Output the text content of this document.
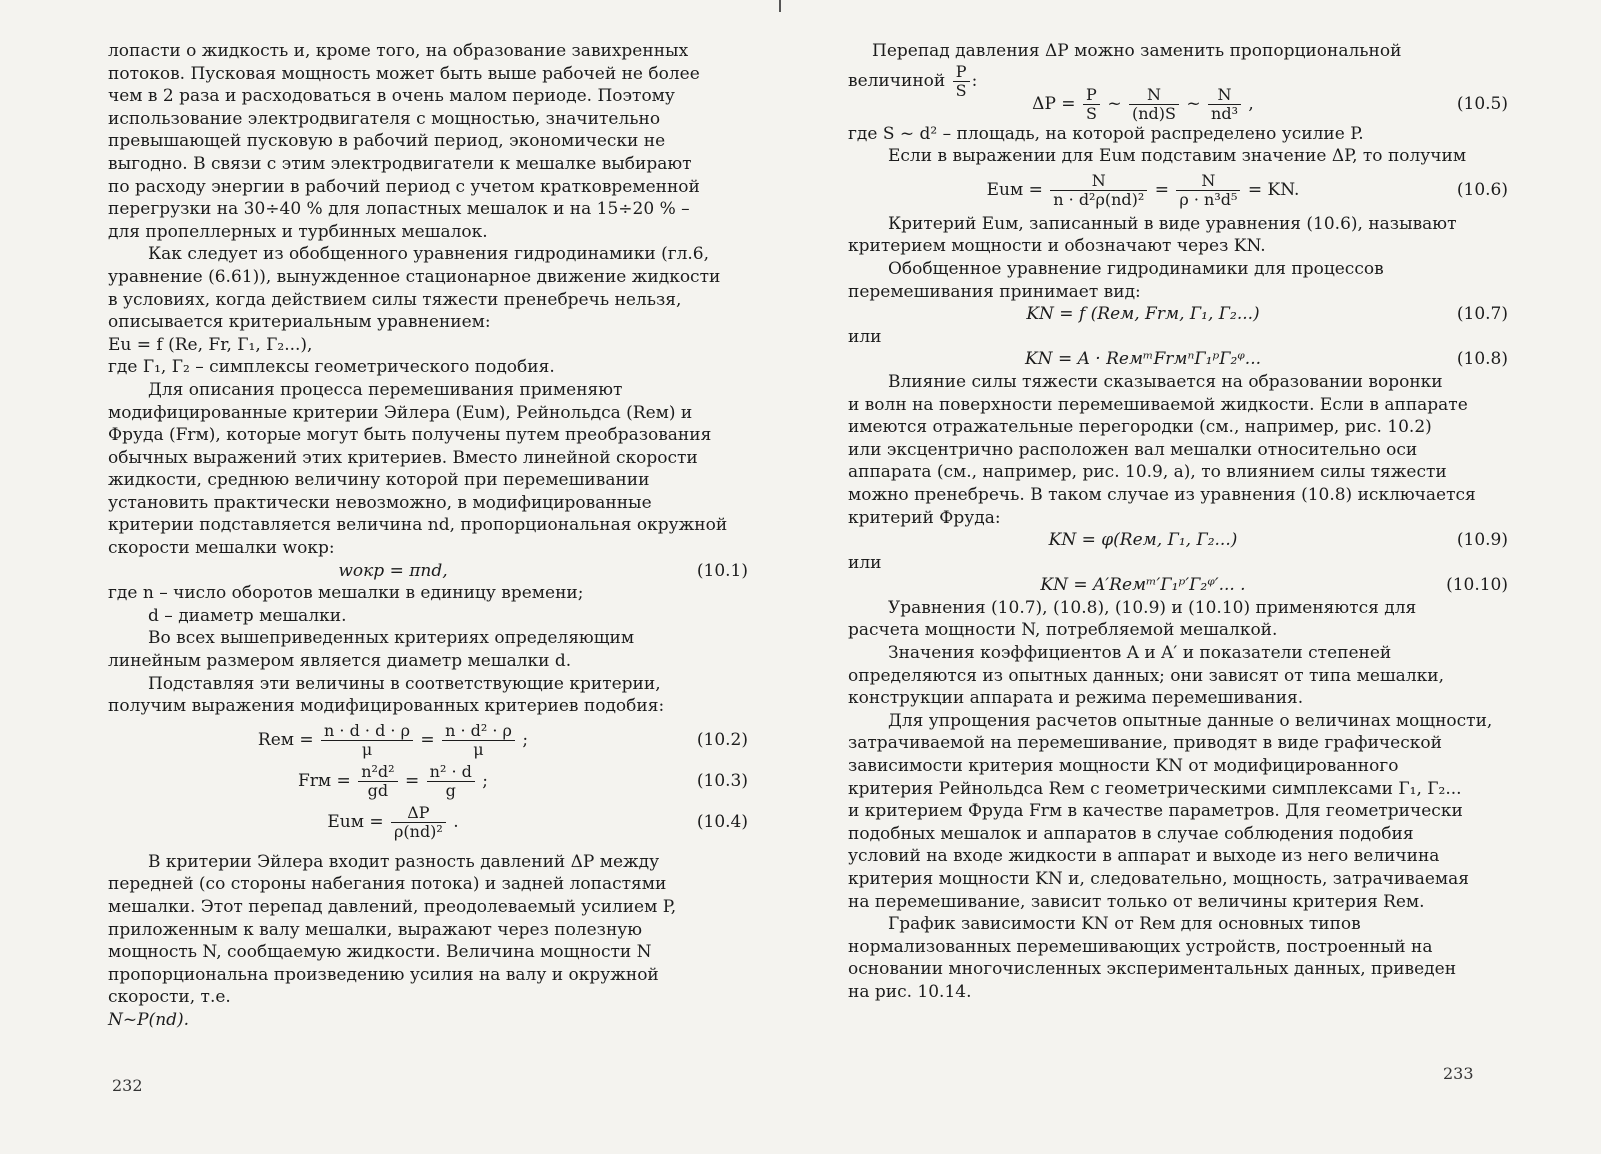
лопасти о жидкость и, кроме того, на образование завихренных
потоков. Пусковая мощность может быть выше рабочей не более
чем в 2 раза и расходоваться в очень малом периоде. Поэтому
использование электродвигателя с мощностью, значительно
превышающей пусковую в рабочий период, экономически не
выгодно. В связи с этим электродвигатели к мешалке выбирают
по расходу энергии в рабочий период с учетом кратковременной
перегрузки на 30÷40 % для лопастных мешалок и на 15÷20 % –
для пропеллерных и турбинных мешалок.

Как следует из обобщенного уравнения гидродинамики (гл.6,
уравнение (6.61)), вынужденное стационарное движение жидкости
в условиях, когда действием силы тяжести пренебречь нельзя,
описывается критериальным уравнением:

Eu = f (Re, Fr, Г₁, Г₂...),

где Г₁, Г₂ – симплексы геометрического подобия.

Для описания процесса перемешивания применяют
модифицированные критерии Эйлера (Euм), Рейнольдса (Reм) и
Фруда (Frм), которые могут быть получены путем преобразования
обычных выражений этих критериев. Вместо линейной скорости
жидкости, среднюю величину которой при перемешивании
установить практически невозможно, в модифицированные
критерии подставляется величина nd, пропорциональная окружной
скорости мешалки wокр:

wокр = πnd,	(10.1)

где n – число оборотов мешалки в единицу времени;

d – диаметр мешалки.

Во всех вышеприведенных критериях определяющим
линейным размером является диаметр мешалки d.

Подставляя эти величины в соответствующие критерии,
получим выражения модифицированных критериев подобия:

Reм = $\frac{n \cdot d \cdot d \cdot \rho}{\mu} = \frac{\text{n · d² · ρ}}{\mu}$ ;	(10.2)
Frм = $\frac{\text{n²d²}}{gd} = \frac{\text{n² · d}}{g}$ ;	(10.3)
Euм = $\frac{\Delta P}{\text{ρ(nd)²}}$ .	(10.4)

В критерии Эйлера входит разность давлений ΔP между
передней (со стороны набегания потока) и задней лопастями
мешалки. Этот перепад давлений, преодолеваемый усилием P,
приложенным к валу мешалки, выражают через полезную
мощность N, сообщаемую жидкости. Величина мощности N
пропорциональна произведению усилия на валу и окружной
скорости, т.е.

N~P(nd).

232

Перепад давления ΔP можно заменить пропорциональной

величиной $\frac{P}{S}$ :
$\Delta P = \frac{P}{S}$ ~ $\frac{N}{(nd)S}$ ~ $\frac{N}{\text{nd³}}$ ,	(10.5)

где S ~ d² – площадь, на которой распределено усилие P.

Если в выражении для Euм подставим значение ΔP, то получим

Euм = $\frac{N}{\text{n · d²ρ(nd)²}} = \frac{N}{\text{ρ · n³d⁵}}$ = KN.	(10.6)

Критерий Euм, записанный в виде уравнения (10.6), называют
критерием мощности и обозначают через KN.

Обобщенное уравнение гидродинамики для процессов
перемешивания принимает вид:

KN = f (Reм, Frм, Г₁, Г₂...)	(10.7)

или

KN = A · ReмᵐFrмⁿГ₁ᵖГ₂ᵠ...	(10.8)

Влияние силы тяжести сказывается на образовании воронки
и волн на поверхности перемешиваемой жидкости. Если в аппарате
имеются отражательные перегородки (см., например, рис. 10.2)
или эксцентрично расположен вал мешалки относительно оси
аппарата (см., например, рис. 10.9, а), то влиянием силы тяжести
можно пренебречь. В таком случае из уравнения (10.8) исключается
критерий Фруда:

KN = φ(Reм, Г₁, Г₂...)	(10.9)

или

KN = A′Reмᵐ′Г₁ᵖ′Г₂ᵠ′... .	(10.10)

Уравнения (10.7), (10.8), (10.9) и (10.10) применяются для
расчета мощности N, потребляемой мешалкой.

Значения коэффициентов A и A′ и показатели степеней
определяются из опытных данных; они зависят от типа мешалки,
конструкции аппарата и режима перемешивания.

Для упрощения расчетов опытные данные о величинах мощности,
затрачиваемой на перемешивание, приводят в виде графической
зависимости критерия мощности KN от модифицированного
критерия Рейнольдса Reм с геометрическими симплексами Г₁, Г₂...
и критерием Фруда Frм в качестве параметров. Для геометрически
подобных мешалок и аппаратов в случае соблюдения подобия
условий на входе жидкости в аппарат и выходе из него величина
критерия мощности KN и, следовательно, мощность, затрачиваемая
на перемешивание, зависит только от величины критерия Reм.

График зависимости KN от Reм для основных типов
нормализованных перемешивающих устройств, построенный на
основании многочисленных экспериментальных данных, приведен
на рис. 10.14.

233
